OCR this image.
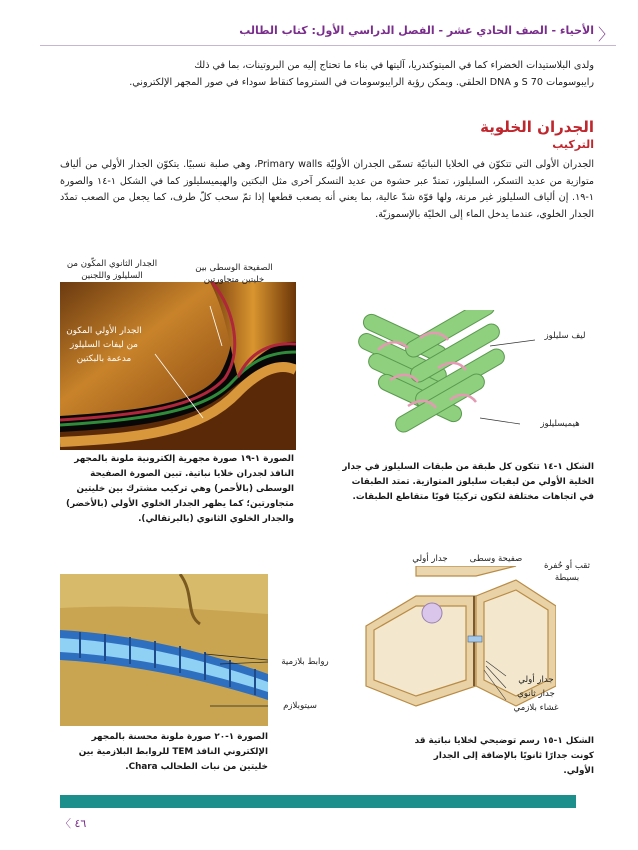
〉
الأحياء - الصف الحادي عشر - الفصل الدراسي الأول: كتاب الطالب
ولدى البلاستيدات الخضراء كما في الميتوكندريا، آليتها في بناء ما تحتاج إليه من البروتينات، بما في ذلك
رايبوسومات S 70 و DNA الحلقي. ويمكن رؤية الرايبوسومات في الستروما كنقاط سوداء في صور المجهر الإلكتروني.
الجدران الخلوية
التركيب
الجدران الأولى التي تتكوّن في الخلايا النباتيّة تسمّى الجدران الأوليّة Primary walls، وهي صلبة نسبيًا. يتكوّن الجدار الأولي من ألياف متوازية من عديد التسكر، السليلوز، تمتدّ عبر حشوة من عديد التسكر آخرى مثل البكتين والهيميسليلوز كما في الشكل ١-١٤ والصورة ١-١٩. إن ألياف السليلوز غير مرنة، ولها قوّة شدّ عالية، بما يعني أنه يصعب قطعها إذا تمّ سحب كلّ طرف، كما يجعل من الصعب تمدّد الجدار الخلوي، عندما يدخل الماء إلى الخليّة بالإسموزيّة.
الجدار الثانوي المكّون من السليلوز واللجنين
الصفيحة الوسطى بين خليتين متجاورتين
الجدار الأولي المكون من ليفات السليلوز مدعمة بالبكتين
الصورة ١-١٩ صورة مجهرية إلكترونية ملونة بالمجهر النافذ لجدران خلايا نباتية. تبين الصورة الصفيحة الوسطى (بالأحمر) وهي تركيب مشترك بين خليتين متجاورتين؛ كما يظهر الجدار الخلوي الأولي (بالأخضر) والجدار الخلوي الثانوي (بالبرتقالي).
ليف سليلوز
هيميسليلوز
الشكل ١-١٤ تتكون كل طبقة من طبقات السليلوز في جدار الخلية الأولي من ليفيات سليلوز المتوازية. تمتد الطبقات في اتجاهات مختلفة لتكون تركيبًا قويًا متقاطع الطبقات.
روابط بلازمية
سيتوبلازم
الصورة ١-٢٠ صورة ملونة محسنة بالمجهر الإلكتروني النافذ TEM للروابط البلازمية بين خليتين من نبات الطحالب Chara.
ثقب أو حُفرة بسيطة
صفيحة وسطى
جدار أولي
جدار أولي
جدار ثانوي
غشاء بلازمي
الشكل ١-١٥ رسم توضيحي لخلايا نباتية قد كونت جدارًا ثانويًا بالإضافة إلى الجدار الأولي.
〈 ٤٦
